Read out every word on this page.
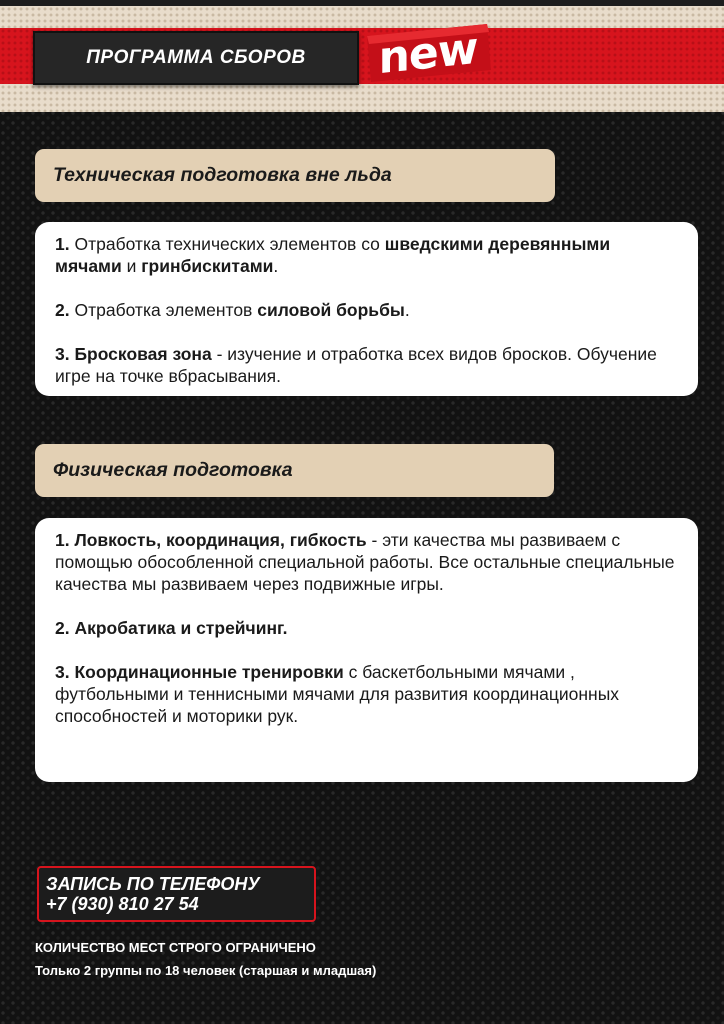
ПРОГРАММА СБОРОВ	new
Техническая подготовка вне льда

1. Отработка технических элементов со шведскими деревянными мячами и гринбискитами.

2. Отработка элементов силовой борьбы.

3. Бросковая зона - изучение и отработка всех видов бросков. Обучение игре на точке вбрасывания.

Физическая подготовка

1. Ловкость, координация, гибкость - эти качества мы развиваем с помощью обособленной специальной работы. Все остальные специальные качества мы развиваем через подвижные игры.

2. Акробатика и стрейчинг.

3. Координационные тренировки с баскетбольными мячами , футбольными и теннисными мячами для развития координационных способностей и моторики рук.

ЗАПИСЬ ПО ТЕЛЕФОНУ
+7 (930) 810 27 54
КОЛИЧЕСТВО МЕСТ СТРОГО ОГРАНИЧЕНО
Только 2 группы по 18 человек (старшая и младшая)
